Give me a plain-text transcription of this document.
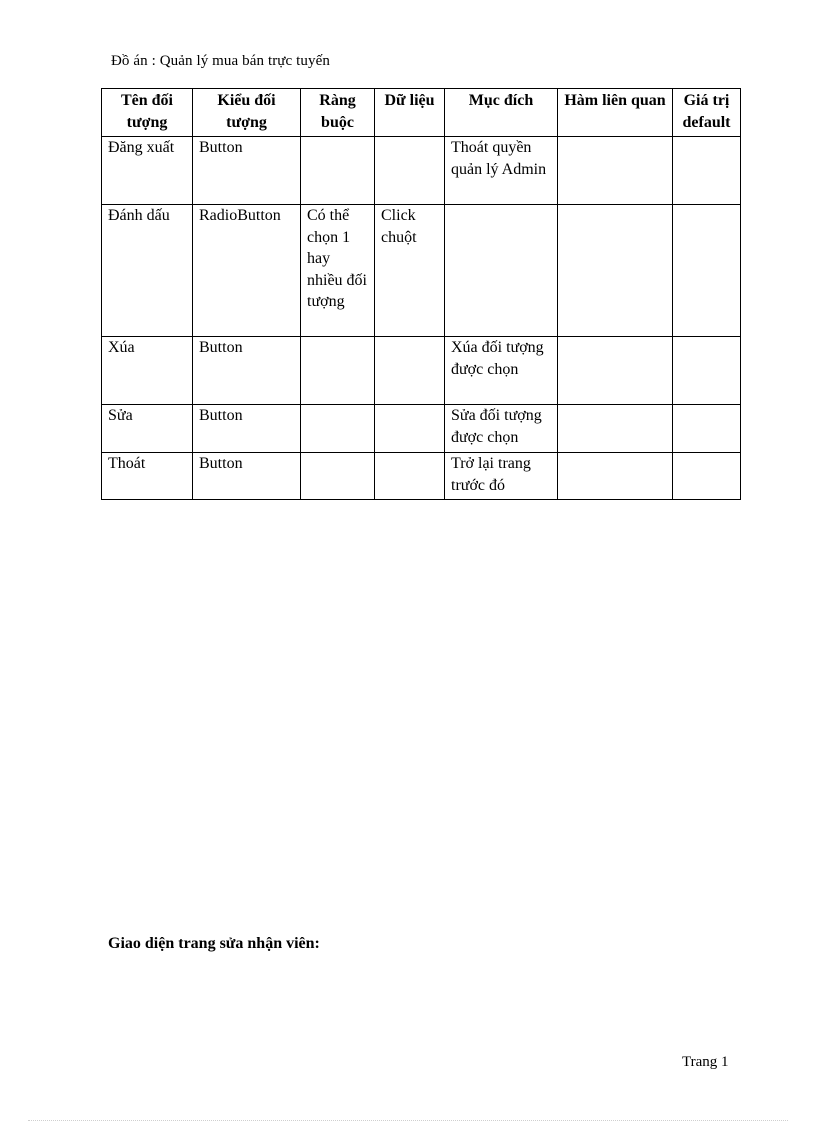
Đồ án : Quản lý mua bán trực tuyến
Tên đối tượng	Kiểu đối tượng	Ràng buộc	Dữ liệu	Mục đích	Hàm liên quan	Giá trị default
Đăng xuất	Button			Thoát quyền quản lý Admin		
Đánh dấu	RadioButton	Có thể chọn 1 hay nhiều đối tượng	Click chuột			
Xúa	Button			Xúa đối tượng được chọn		
Sửa	Button			Sửa đối tượng được chọn		
Thoát	Button			Trở lại trang trước đó		
Giao diện trang sửa nhận viên:
Trang 1
